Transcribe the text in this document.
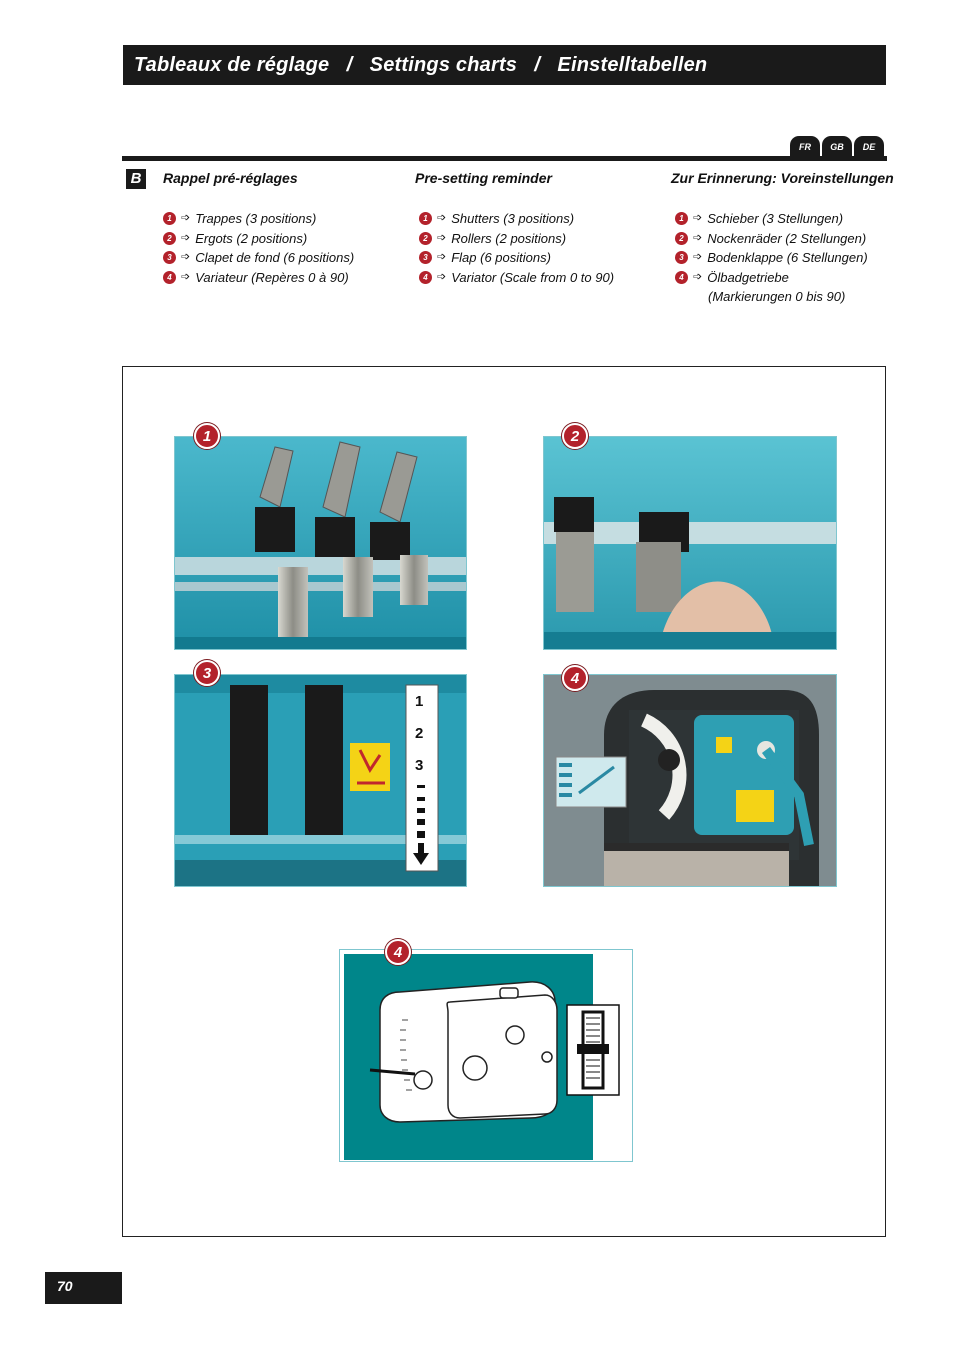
Tableaux de réglage   /   Settings charts   /   Einstelltabellen
FR	GB	DE
B	Rappel pré-réglages	Pre-setting reminder	Zur Erinnerung: Voreinstellungen
1 ➩ Trappes (3 positions)
2 ➩ Ergots (2 positions)
3 ➩ Clapet de fond (6 positions)
4 ➩ Variateur (Repères 0 à 90)
1 ➩ Shutters (3 positions)
2 ➩ Rollers (2 positions)
3 ➩ Flap (6 positions)
4 ➩ Variator (Scale from 0 to 90)
1 ➩ Schieber (3 Stellungen)
2 ➩ Nockenräder (2 Stellungen)
3 ➩ Bodenklappe (6 Stellungen)
4 ➩ Ölbadgetriebe
(Markierungen 0 bis 90)
1	2
1
2
3
3	4
4
70
